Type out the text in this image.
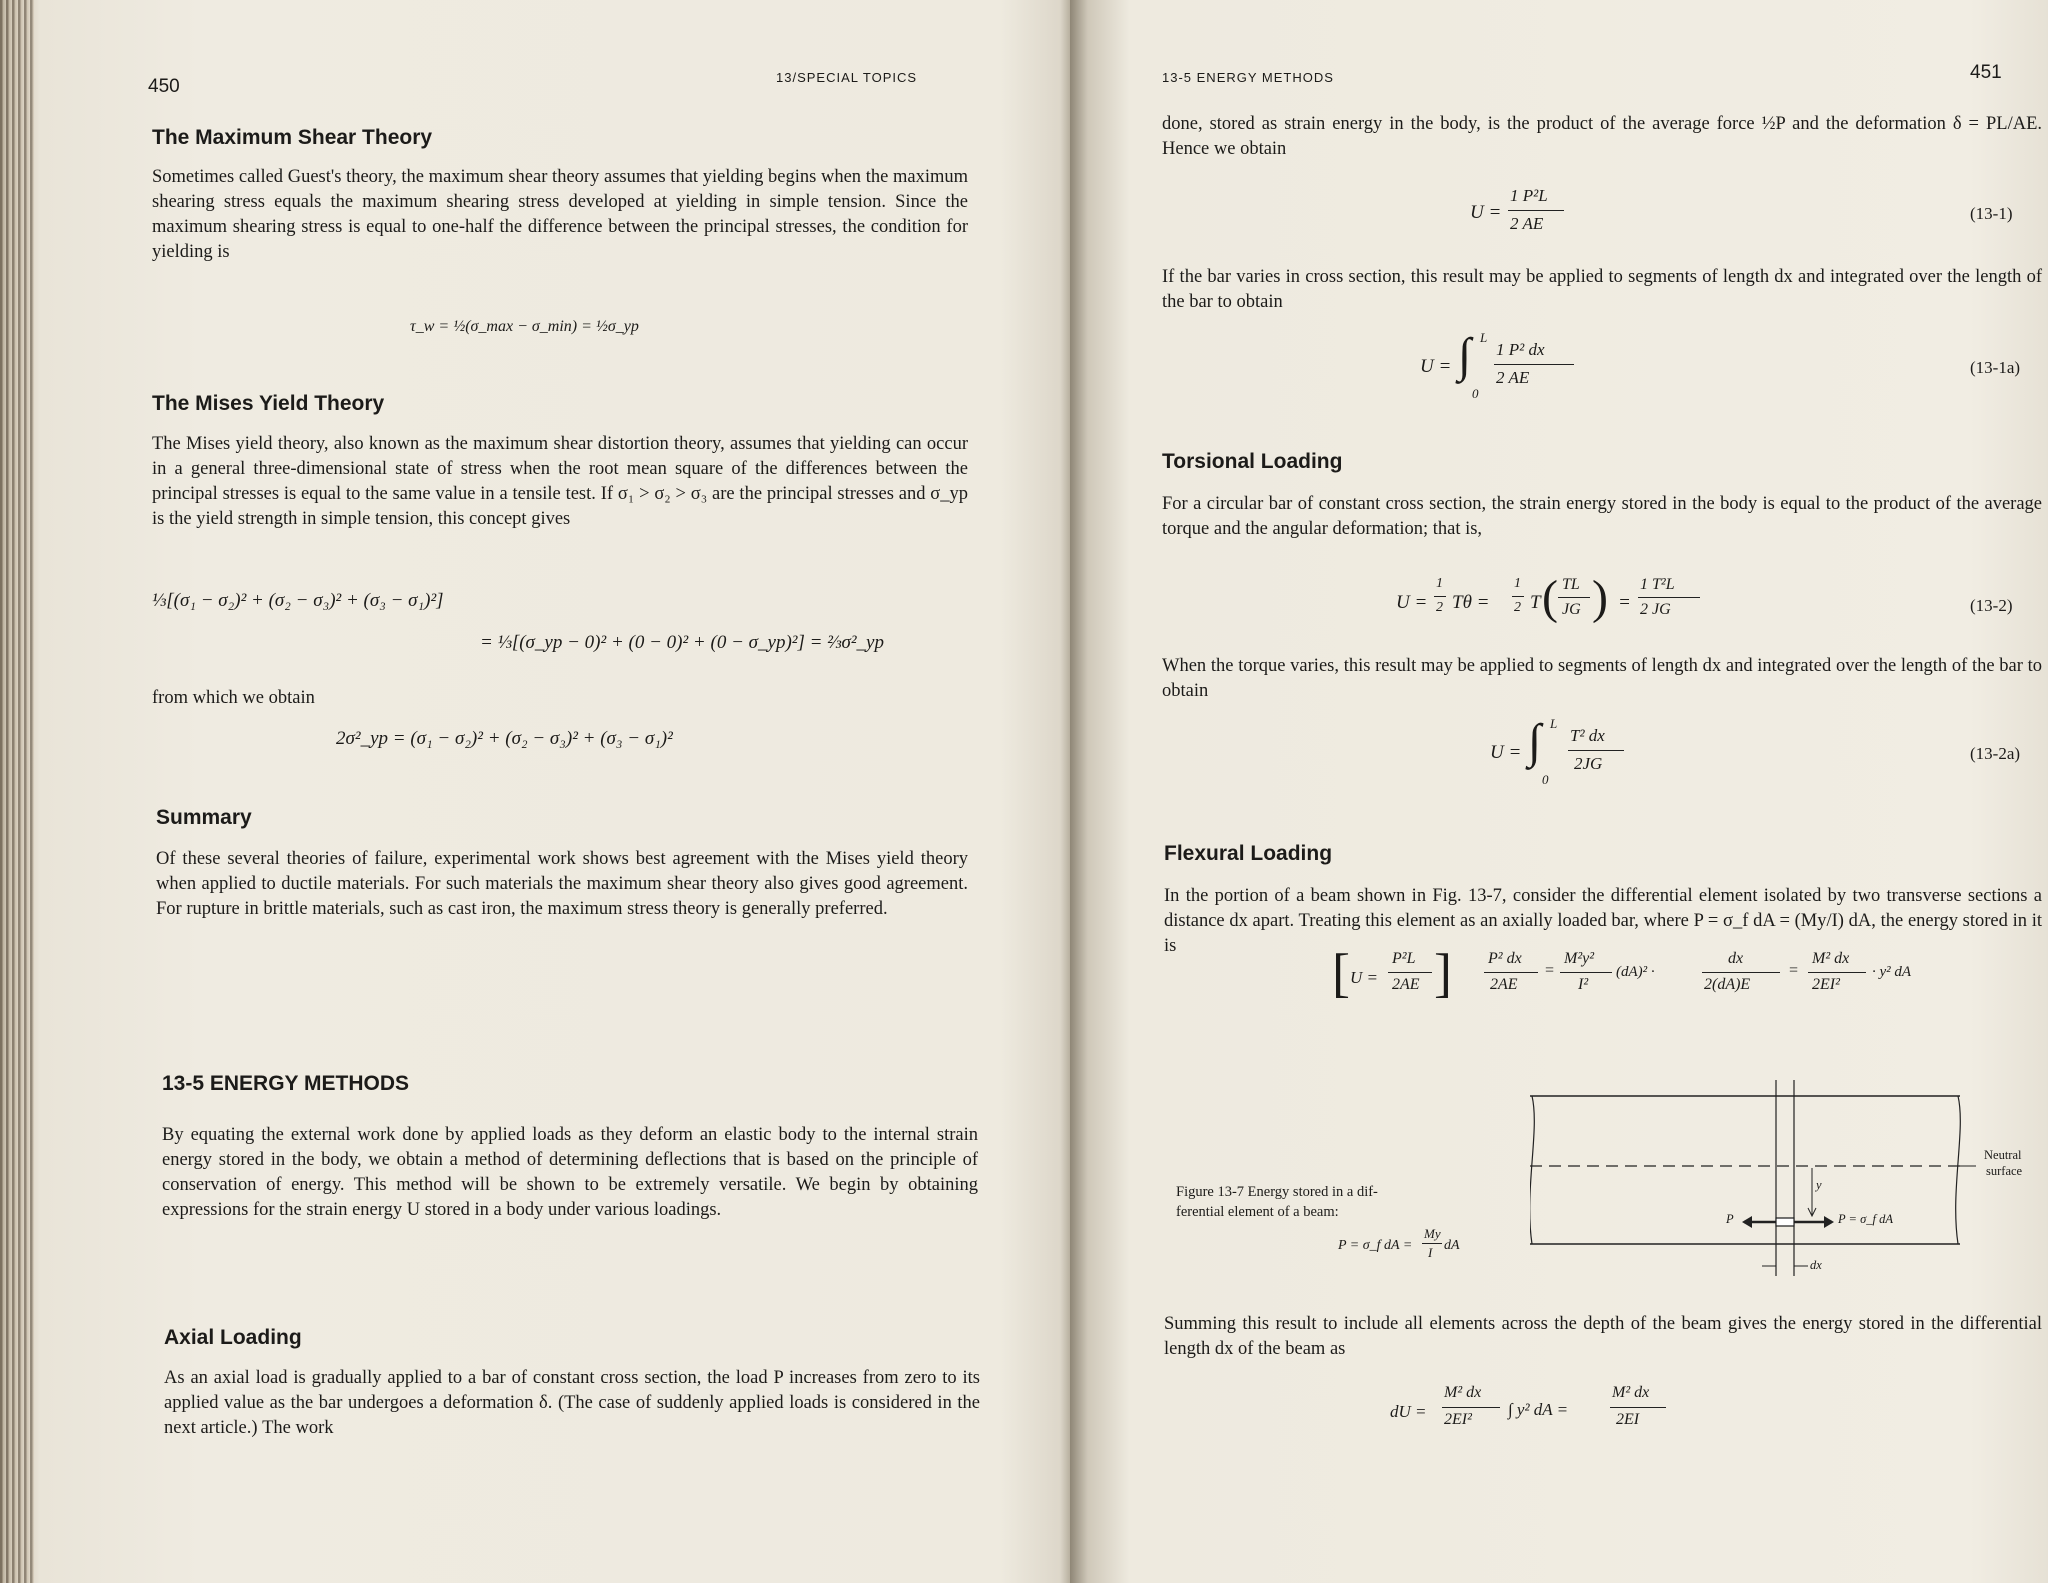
450	13/SPECIAL TOPICS
The Maximum Shear Theory
Sometimes called Guest's theory, the maximum shear theory assumes that yielding begins when the maximum shearing stress equals the maximum shearing stress developed at yielding in simple tension. Since the maximum shearing stress is equal to one-half the difference between the principal stresses, the condition for yielding is
τ_w = ½(σ_max − σ_min) = ½σ_yp
The Mises Yield Theory
The Mises yield theory, also known as the maximum shear distortion theory, assumes that yielding can occur in a general three-dimensional state of stress when the root mean square of the differences between the principal stresses is equal to the same value in a tensile test. If σ₁ > σ₂ > σ₃ are the principal stresses and σ_yp is the yield strength in simple tension, this concept gives
⅓[(σ₁ − σ₂)² + (σ₂ − σ₃)² + (σ₃ − σ₁)²]
= ⅓[(σ_yp − 0)² + (0 − 0)² + (0 − σ_yp)²] = ⅔σ²_yp
from which we obtain
2σ²_yp = (σ₁ − σ₂)² + (σ₂ − σ₃)² + (σ₃ − σ₁)²
Summary
Of these several theories of failure, experimental work shows best agreement with the Mises yield theory when applied to ductile materials. For such materials the maximum shear theory also gives good agreement. For rupture in brittle materials, such as cast iron, the maximum stress theory is generally preferred.
13-5 ENERGY METHODS
By equating the external work done by applied loads as they deform an elastic body to the internal strain energy stored in the body, we obtain a method of determining deflections that is based on the principle of conservation of energy. This method will be shown to be extremely versatile. We begin by obtaining expressions for the strain energy U stored in a body under various loadings.
Axial Loading
As an axial load is gradually applied to a bar of constant cross section, the load P increases from zero to its applied value as the bar undergoes a deformation δ. (The case of suddenly applied loads is considered in the next article.) The work
13-5 ENERGY METHODS	451
done, stored as strain energy in the body, is the product of the average force ½P and the deformation δ = PL/AE. Hence we obtain
U =
1 P²L
2 AE
(13-1)
If the bar varies in cross section, this result may be applied to segments of length dx and integrated over the length of the bar to obtain
U = ∫ L
0
1 P² dx
2 AE
(13-1a)
Torsional Loading
For a circular bar of constant cross section, the strain energy stored in the body is equal to the product of the average torque and the angular deformation; that is,
U =
1
2 Tθ =
1
2 T ( TL
JG ) =
1 T²L
2 JG	(13-2)
When the torque varies, this result may be applied to segments of length dx and integrated over the length of the bar to obtain
U = ∫ L
0
T² dx
2JG
(13-2a)
Flexural Loading
In the portion of a beam shown in Fig. 13-7, consider the differential element isolated by two transverse sections a distance dx apart. Treating this element as an axially loaded bar, where P = σ_f dA = (My/I) dA, the energy stored in it is	[ U =
P²L
2AE ] P² dx
2AE
=
M²y²
I²
(dA)² ·
dx
2(dA)E
=
M² dx
2EI²
· y² dA
Figure 13-7 Energy stored in a dif-
ferential element of a beam:
P = σ_f dA =
My
I dA
Neutral
surface
P	P = σ_f dA
y
dx
Summing this result to include all elements across the depth of the beam gives the energy stored in the differential length dx of the beam as
dU =
M² dx
2EI²
∫ y² dA =
M² dx
2EI
